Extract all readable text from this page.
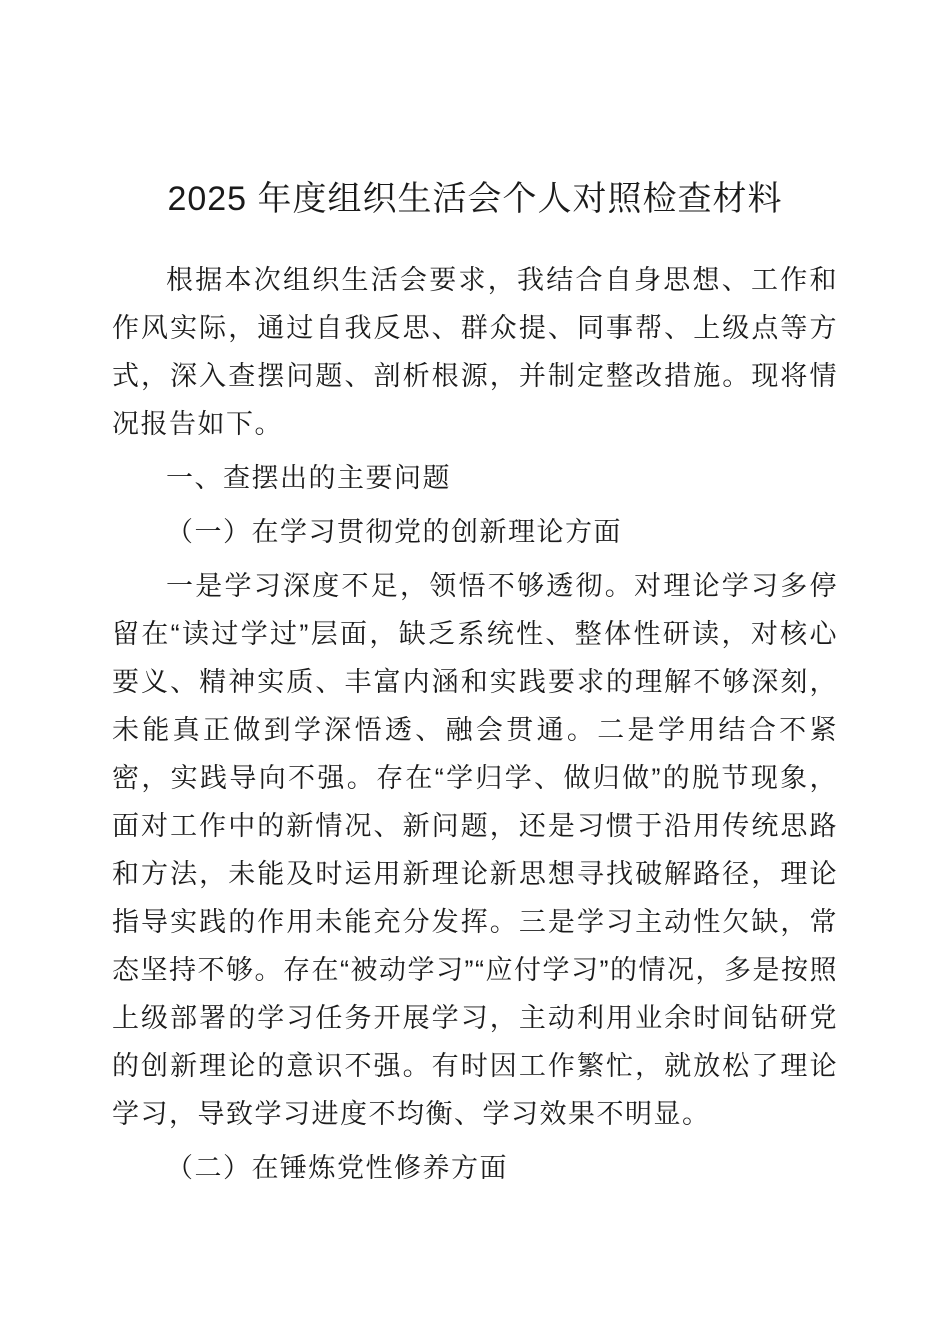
2025 年度组织生活会个人对照检查材料

根据本次组织生活会要求，我结合自身思想、工作和作风实际，通过自我反思、群众提、同事帮、上级点等方式，深入查摆问题、剖析根源，并制定整改措施。现将情况报告如下。

一、查摆出的主要问题

（一）在学习贯彻党的创新理论方面

一是学习深度不足，领悟不够透彻。对理论学习多停留在“读过学过”层面，缺乏系统性、整体性研读，对核心要义、精神实质、丰富内涵和实践要求的理解不够深刻，未能真正做到学深悟透、融会贯通。二是学用结合不紧密，实践导向不强。存在“学归学、做归做”的脱节现象，面对工作中的新情况、新问题，还是习惯于沿用传统思路和方法，未能及时运用新理论新思想寻找破解路径，理论指导实践的作用未能充分发挥。三是学习主动性欠缺，常态坚持不够。存在“被动学习”“应付学习”的情况，多是按照上级部署的学习任务开展学习，主动利用业余时间钻研党的创新理论的意识不强。有时因工作繁忙，就放松了理论学习，导致学习进度不均衡、学习效果不明显。

（二）在锤炼党性修养方面
